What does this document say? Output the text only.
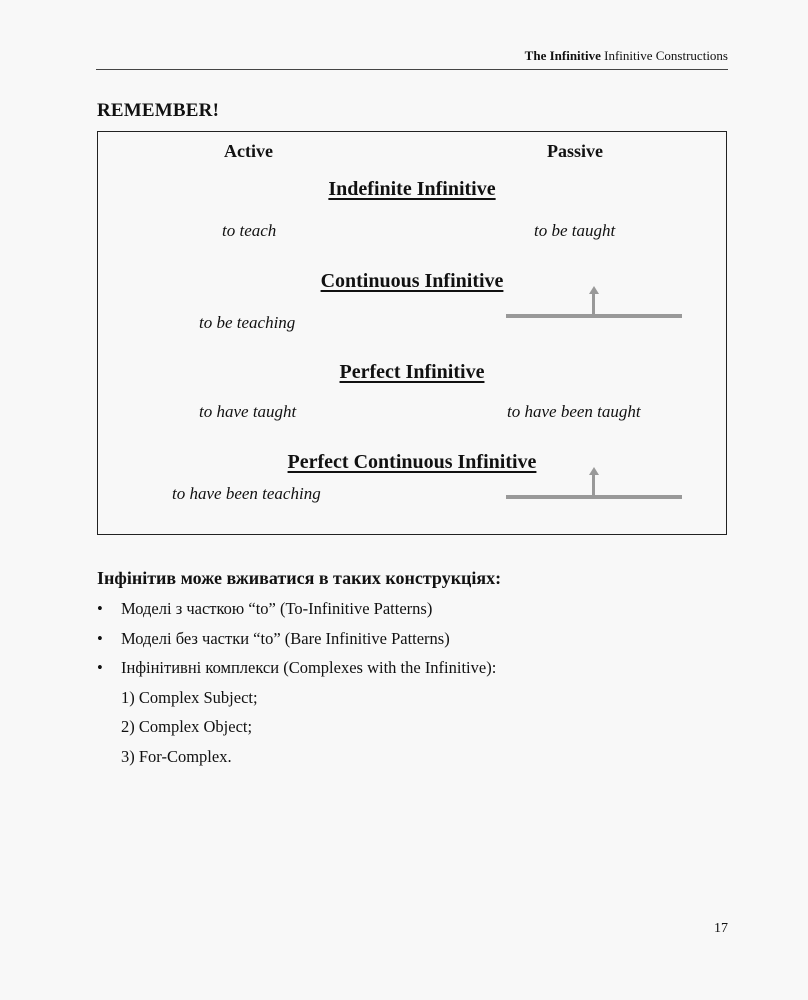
The Infinitive Infinitive Constructions
REMEMBER!
Active	Passive
Indefinite Infinitive
to teach	to be taught
Continuous Infinitive
to be teaching
Perfect Infinitive
to have taught	to have been taught
Perfect Continuous Infinitive
to have been teaching
Інфінітив може вживатися в таких конструкціях:
• Моделі з часткою “to” (To-Infinitive Patterns)
• Моделі без частки “to” (Bare Infinitive Patterns)
• Інфінітивні комплекси (Complexes with the Infinitive):
1) Complex Subject;
2) Complex Object;
3) For-Complex.
17
